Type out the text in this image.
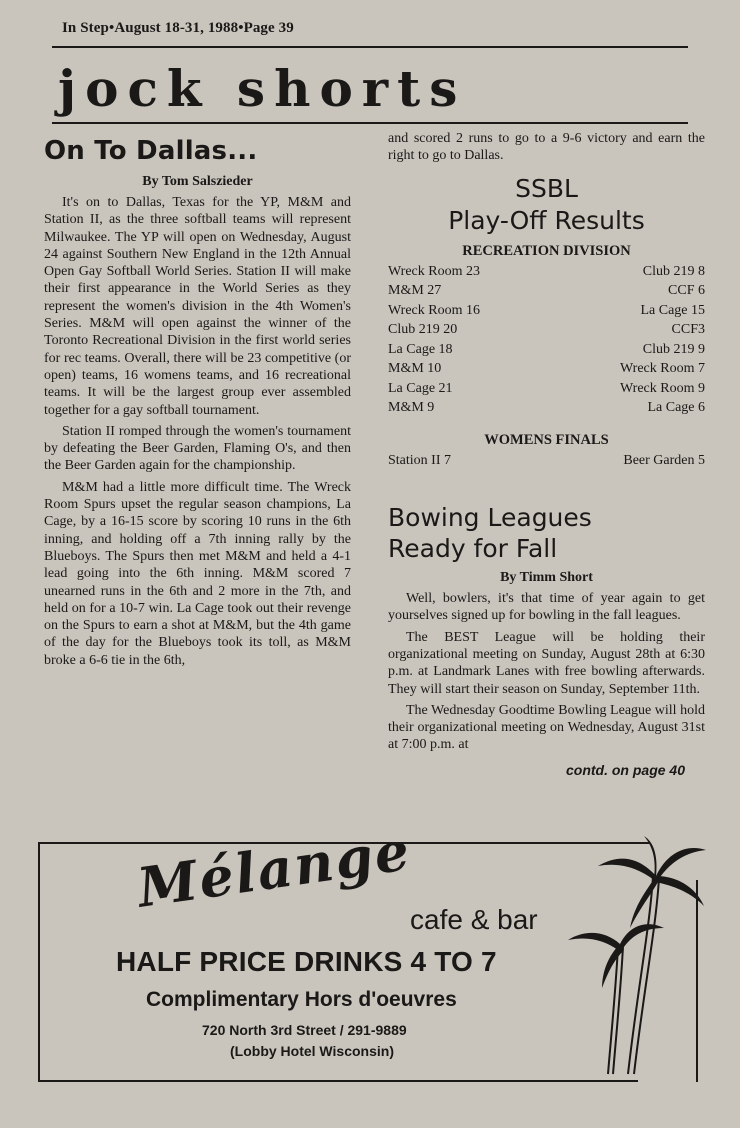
In Step•August 18-31, 1988•Page 39
jock shorts
On To Dallas...
By Tom Salszieder

It's on to Dallas, Texas for the YP, M&M and Station II, as the three softball teams will represent Milwaukee. The YP will open on Wednesday, August 24 against Southern New England in the 12th Annual Open Gay Softball World Series. Station II will make their first appearance in the World Series as they represent the women's division in the 4th Women's Series. M&M will open against the winner of the Toronto Recreational Division in the first world series for rec teams. Overall, there will be 23 competitive (or open) teams, 16 womens teams, and 16 recreational teams. It will be the largest group ever assembled together for a gay softball tournament.

Station II romped through the women's tournament by defeating the Beer Garden, Flaming O's, and then the Beer Garden again for the championship.

M&M had a little more difficult time. The Wreck Room Spurs upset the regular season champions, La Cage, by a 16-15 score by scoring 10 runs in the 6th inning, and holding off a 7th inning rally by the Blueboys. The Spurs then met M&M and held a 4-1 lead going into the 6th inning. M&M scored 7 unearned runs in the 6th and 2 more in the 7th, and held on for a 10-7 win. La Cage took out their revenge on the Spurs to earn a shot at M&M, but the 4th game of the day for the Blueboys took its toll, as M&M broke a 6-6 tie in the 6th,

and scored 2 runs to go to a 9-6 victory and earn the right to go to Dallas.

SSBL
Play-Off Results
RECREATION DIVISION
Wreck Room 23	Club 219 8
M&M 27	CCF 6
Wreck Room 16	La Cage 15
Club 219 20	CCF3
La Cage 18	Club 219 9
M&M 10	Wreck Room 7
La Cage 21	Wreck Room 9
M&M 9	La Cage 6
WOMENS FINALS
Station II 7	Beer Garden 5
Bowing Leagues
Ready for Fall
By Timm Short

Well, bowlers, it's that time of year again to get yourselves signed up for bowling in the fall leagues.

The BEST League will be holding their organizational meeting on Sunday, August 28th at 6:30 p.m. at Landmark Lanes with free bowling afterwards. They will start their season on Sunday, September 11th.

The Wednesday Goodtime Bowling League will hold their organizational meeting on Wednesday, August 31st at 7:00 p.m. at

contd. on page 40
Mélange
cafe & bar
HALF PRICE DRINKS 4 TO 7
Complimentary Hors d'oeuvres
720 North 3rd Street / 291-9889
(Lobby Hotel Wisconsin)
